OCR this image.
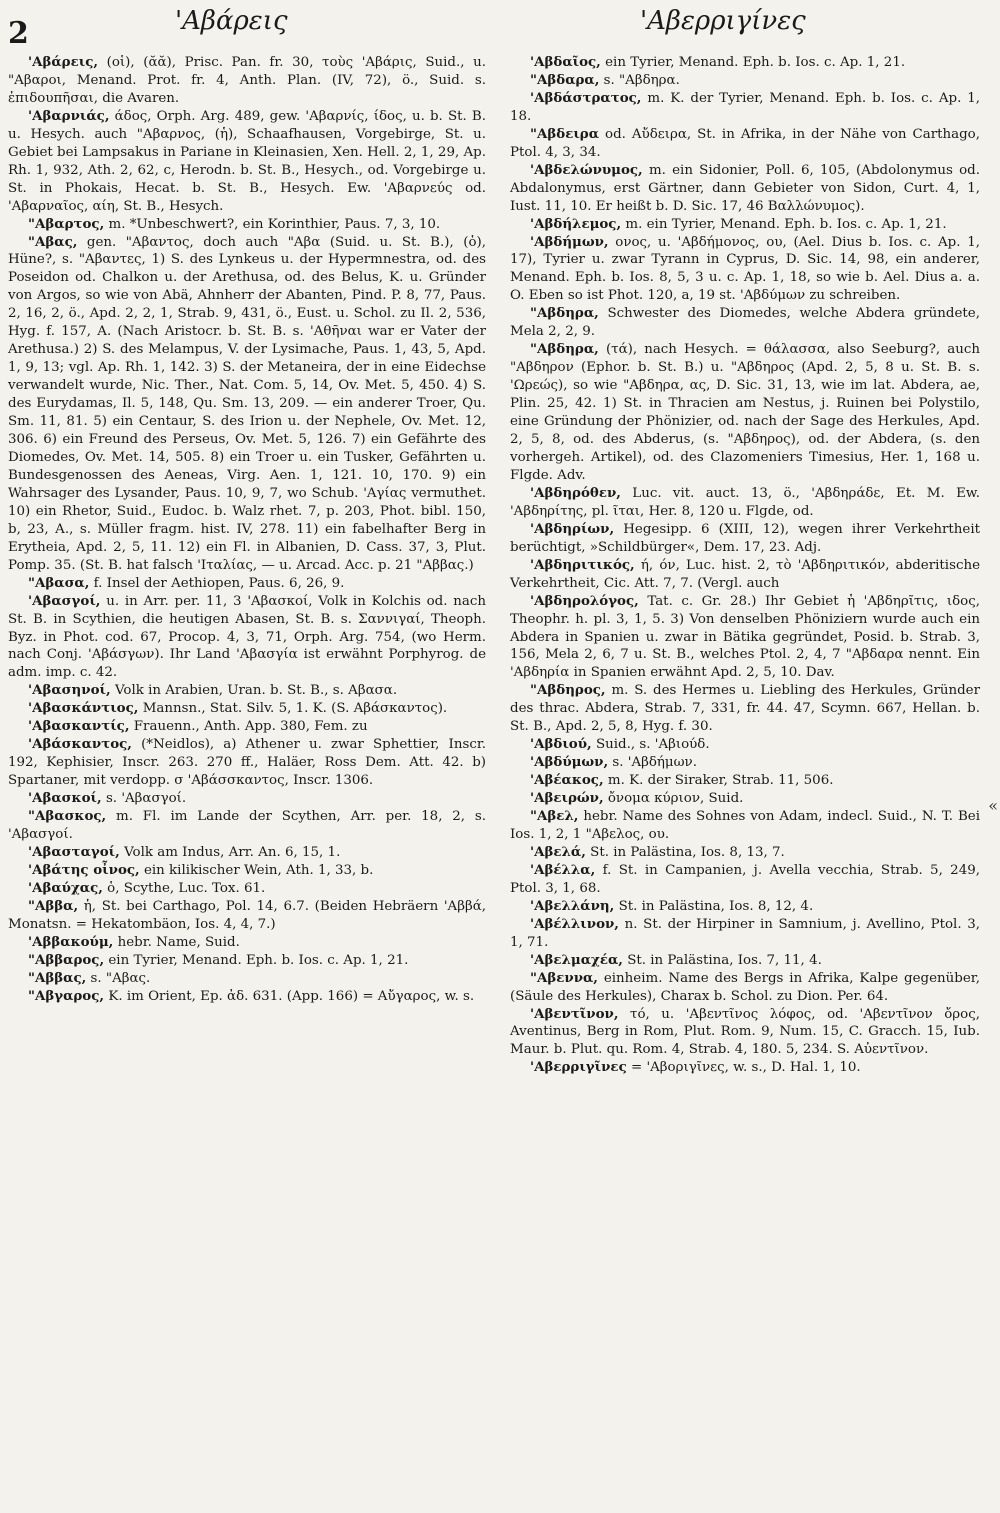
2	'Αβάρεις	'Αβερριγίνες

'Αβάρεις, (οἱ), (ᾰᾰ), Prisc. Pan. fr. 30, τοὺς 'Αβάρις, Suid., u. "Αβαροι, Menand. Prot. fr. 4, Anth. Plan. (IV, 72), ö., Suid. s. ἐπιδουπῆσαι, die Avaren.

'Αβαρνιάς, άδος, Orph. Arg. 489, gew. 'Αβαρνίς, ίδος, u. b. St. B. u. Hesych. auch "Αβαρνος, (ἡ), Schaafhausen, Vorgebirge, St. u. Gebiet bei Lampsakus in Pariane in Kleinasien, Xen. Hell. 2, 1, 29, Ap. Rh. 1, 932, Ath. 2, 62, c, Herodn. b. St. B., Hesych., od. Vorgebirge u. St. in Phokais, Hecat. b. St. B., Hesych. Ew. 'Αβαρνεύς od. 'Αβαρναῖος, αίη, St. B., Hesych.

"Αβαρτος, m. *Unbeschwert?, ein Korinthier, Paus. 7, 3, 10.

"Αβας, gen. "Αβαντος, doch auch "Αβα (Suid. u. St. B.), (ὁ), Hüne?, s. "Αβαντες, 1) S. des Lynkeus u. der Hypermnestra, od. des Poseidon od. Chalkon u. der Arethusa, od. des Belus, K. u. Gründer von Argos, so wie von Abä, Ahnherr der Abanten, Pind. P. 8, 77, Paus. 2, 16, 2, ö., Apd. 2, 2, 1, Strab. 9, 431, ö., Eust. u. Schol. zu Il. 2, 536, Hyg. f. 157, A. (Nach Aristocr. b. St. B. s. 'Αθῆναι war er Vater der Arethusa.) 2) S. des Melampus, V. der Lysimache, Paus. 1, 43, 5, Apd. 1, 9, 13; vgl. Ap. Rh. 1, 142. 3) S. der Metaneira, der in eine Eidechse verwandelt wurde, Nic. Ther., Nat. Com. 5, 14, Ov. Met. 5, 450. 4) S. des Eurydamas, Il. 5, 148, Qu. Sm. 13, 209. — ein anderer Troer, Qu. Sm. 11, 81. 5) ein Centaur, S. des Irion u. der Nephele, Ov. Met. 12, 306. 6) ein Freund des Perseus, Ov. Met. 5, 126. 7) ein Gefährte des Diomedes, Ov. Met. 14, 505. 8) ein Troer u. ein Tusker, Gefährten u. Bundesgenossen des Aeneas, Virg. Aen. 1, 121. 10, 170. 9) ein Wahrsager des Lysander, Paus. 10, 9, 7, wo Schub. 'Αγίας vermuthet. 10) ein Rhetor, Suid., Eudoc. b. Walz rhet. 7, p. 203, Phot. bibl. 150, b, 23, A., s. Müller fragm. hist. IV, 278. 11) ein fabelhafter Berg in Erytheia, Apd. 2, 5, 11. 12) ein Fl. in Albanien, D. Cass. 37, 3, Plut. Pomp. 35. (St. B. hat falsch 'Ιταλίας, — u. Arcad. Acc. p. 21 "Αββας.)

"Αβασα, f. Insel der Aethiopen, Paus. 6, 26, 9.

'Αβασγοί, u. in Arr. per. 11, 3 'Αβασκοί, Volk in Kolchis od. nach St. B. in Scythien, die heutigen Abasen, St. B. s. Σαννιγαί, Theoph. Byz. in Phot. cod. 67, Procop. 4, 3, 71, Orph. Arg. 754, (wo Herm. nach Conj. 'Αβάσγων). Ihr Land 'Αβασγία ist erwähnt Porphyrog. de adm. imp. c. 42.

'Αβασηνοί, Volk in Arabien, Uran. b. St. B., s. Αβασα.

'Αβασκάντιος, Mannsn., Stat. Silv. 5, 1. K. (S. Αβάσκαντος).

'Αβασκαντίς, Frauenn., Anth. App. 380, Fem. zu

'Αβάσκαντος, (*Neidlos), a) Athener u. zwar Sphettier, Inscr. 192, Kephisier, Inscr. 263. 270 ff., Haläer, Ross Dem. Att. 42. b) Spartaner, mit verdopp. σ 'Αβάσσκαντος, Inscr. 1306.

'Αβασκοί, s. 'Αβασγοί.

"Αβασκος, m. Fl. im Lande der Scythen, Arr. per. 18, 2, s. 'Αβασγοί.

'Αβασταγοί, Volk am Indus, Arr. An. 6, 15, 1.

'Αβάτης οἶνος, ein kilikischer Wein, Ath. 1, 33, b.

'Αβαύχας, ὁ, Scythe, Luc. Tox. 61.

"Αββα, ἡ, St. bei Carthago, Pol. 14, 6.7. (Beiden Hebräern 'Αββά, Monatsn. = Hekatombäon, Ios. 4, 4, 7.)

'Αββακούμ, hebr. Name, Suid.

"Αββαρος, ein Tyrier, Menand. Eph. b. Ios. c. Ap. 1, 21.

"Αββας, s. "Αβας.

"Αβγαρος, K. im Orient, Ep. ἀδ. 631. (App. 166) = Αὔγαρος, w. s.

'Αβδαῖος, ein Tyrier, Menand. Eph. b. Ios. c. Ap. 1, 21.

"Αβδαρα, s. "Αβδηρα.

'Αβδάστρατος, m. K. der Tyrier, Menand. Eph. b. Ios. c. Ap. 1, 18.

"Αβδειρα od. Αὔδειρα, St. in Afrika, in der Nähe von Carthago, Ptol. 4, 3, 34.

'Αβδελώνυμος, m. ein Sidonier, Poll. 6, 105, (Abdolonymus od. Abdalonymus, erst Gärtner, dann Gebieter von Sidon, Curt. 4, 1, Iust. 11, 10. Er heißt b. D. Sic. 17, 46 Βαλλώνυμος).

'Αβδήλεμος, m. ein Tyrier, Menand. Eph. b. Ios. c. Ap. 1, 21.

'Αβδήμων, ονος, u. 'Αβδήμονος, ου, (Ael. Dius b. Ios. c. Ap. 1, 17), Tyrier u. zwar Tyrann in Cyprus, D. Sic. 14, 98, ein anderer, Menand. Eph. b. Ios. 8, 5, 3 u. c. Ap. 1, 18, so wie b. Ael. Dius a. a. O. Eben so ist Phot. 120, a, 19 st. 'Αβδύμων zu schreiben.

"Αβδηρα, Schwester des Diomedes, welche Abdera gründete, Mela 2, 2, 9.

"Αβδηρα, (τά), nach Hesych. = θάλασσα, also Seeburg?, auch "Αβδηρον (Ephor. b. St. B.) u. "Αβδηρος (Apd. 2, 5, 8 u. St. B. s. 'Ωρεώς), so wie "Αβδηρα, ας, D. Sic. 31, 13, wie im lat. Abdera, ae, Plin. 25, 42. 1) St. in Thracien am Nestus, j. Ruinen bei Polystilo, eine Gründung der Phönizier, od. nach der Sage des Herkules, Apd. 2, 5, 8, od. des Abderus, (s. "Αβδηρος), od. der Abdera, (s. den vorhergeh. Artikel), od. des Clazomeniers Timesius, Her. 1, 168 u. Flgde. Adv.

'Αβδηρόθεν, Luc. vit. auct. 13, ö., 'Αβδηράδε, Et. M. Ew. 'Αβδηρίτης, pl. ῖται, Her. 8, 120 u. Flgde, od.

'Αβδηρίων, Hegesipp. 6 (XIII, 12), wegen ihrer Verkehrtheit berüchtigt, »Schildbürger«, Dem. 17, 23. Adj.

'Αβδηριτικός, ή, όν, Luc. hist. 2, τὸ 'Αβδηριτικόν, abderitische Verkehrtheit, Cic. Att. 7, 7. (Vergl. auch

'Αβδηρολόγος, Tat. c. Gr. 28.) Ihr Gebiet ἡ 'Αβδηρῖτις, ιδος, Theophr. h. pl. 3, 1, 5. 3) Von denselben Phöniziern wurde auch ein Abdera in Spanien u. zwar in Bätika gegründet, Posid. b. Strab. 3, 156, Mela 2, 6, 7 u. St. B., welches Ptol. 2, 4, 7 "Αβδαρα nennt. Ein 'Αβδηρία in Spanien erwähnt Apd. 2, 5, 10. Dav.

"Αβδηρος, m. S. des Hermes u. Liebling des Herkules, Gründer des thrac. Abdera, Strab. 7, 331, fr. 44. 47, Scymn. 667, Hellan. b. St. B., Apd. 2, 5, 8, Hyg. f. 30.

'Αβδιού, Suid., s. 'Αβιούδ.

'Αβδύμων, s. 'Αβδήμων.

'Αβέακος, m. K. der Siraker, Strab. 11, 506.

'Αβειρών, ὄνομα κύριον, Suid.

"Αβελ, hebr. Name des Sohnes von Adam, indecl. Suid., N. T. Bei Ios. 1, 2, 1 "Αβελος, ου.

'Αβελά, St. in Palästina, Ios. 8, 13, 7.

'Αβέλλα, f. St. in Campanien, j. Avella vecchia, Strab. 5, 249, Ptol. 3, 1, 68.

'Αβελλάνη, St. in Palästina, Ios. 8, 12, 4.

'Αβέλλινον, n. St. der Hirpiner in Samnium, j. Avellino, Ptol. 3, 1, 71.

'Αβελμαχέα, St. in Palästina, Ios. 7, 11, 4.

"Αβεννα, einheim. Name des Bergs in Afrika, Kalpe gegenüber, (Säule des Herkules), Charax b. Schol. zu Dion. Per. 64.

'Αβεντῖνον, τό, u. 'Αβεντῖνος λόφος, od. 'Αβεντῖνον ὄρος, Aventinus, Berg in Rom, Plut. Rom. 9, Num. 15, C. Gracch. 15, Iub. Maur. b. Plut. qu. Rom. 4, Strab. 4, 180. 5, 234. S. Αὐεντῖνον.

'Αβερριγῖνες = 'Αβοριγῖνες, w. s., D. Hal. 1, 10.

«
